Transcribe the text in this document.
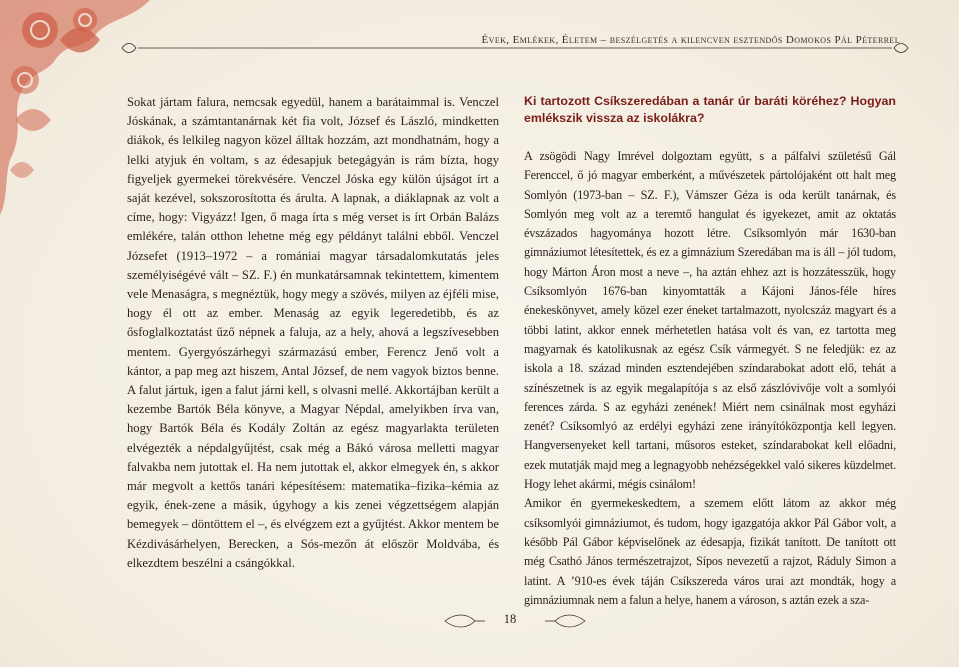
Évek, Emlékek, Életem – beszélgetés a kilencven esztendős Domokos Pál Péterrel

Sokat jártam falura, nemcsak egyedül, hanem a barátaimmal is. Venczel Jóskának, a számtantanárnak két fia volt, József és László, mindketten diákok, és lelkileg nagyon közel álltak hozzám, azt mondhatnám, hogy a lelki atyjuk én voltam, s az édesapjuk betegágyán is rám bízta, hogy figyeljek gyermekei törekvésére. Venczel Jóska egy külön újságot írt a saját kezével, sokszorosította és árulta. A lapnak, a diáklapnak az volt a címe, hogy: Vigyázz! Igen, ő maga írta s még verset is írt Orbán Balázs emlékére, talán otthon lehetne még egy példányt találni ebből. Venczel Józsefet (1913–1972 – a romániai magyar társadalomkutatás jeles személyiségévé vált – SZ. F.) én munkatársamnak tekintettem, kimentem vele Menaságra, s megnéztük, hogy megy a szövés, milyen az éjféli mise, hogy él ott az ember. Menaság az egyik legeredetibb, és az ősfoglalkoztatást űző népnek a faluja, az a hely, ahová a legszívesebben mentem. Gyergyószárhegyi származású ember, Ferencz Jenő volt a kántor, a pap meg azt hiszem, Antal József, de nem vagyok biztos benne. A falut jártuk, igen a falut járni kell, s olvasni mellé. Akkortájban került a kezembe Bartók Béla könyve, a Magyar Népdal, amelyikben írva van, hogy Bartók Béla és Kodály Zoltán az egész magyarlakta területen elvégezték a népdalgyűjtést, csak még a Bákó városa melletti magyar falvakba nem jutottak el. Ha nem jutottak el, akkor elmegyek én, s akkor már megvolt a kettős tanári képesítésem: matematika–fizika–kémia az egyik, ének-zene a másik, úgyhogy a kis zenei végzettségem alapján bemegyek – döntöttem el –, és elvégzem ezt a gyűjtést. Akkor mentem be Kézdivásárhelyen, Berecken, a Sós-mezőn át először Moldvába, és elkezdtem beszélni a csángókkal.

Ki tartozott Csíkszeredában a tanár úr baráti köréhez? Hogyan emlékszik vissza az iskolákra?

A zsögödi Nagy Imrével dolgoztam együtt, s a pálfalvi születésű Gál Ferenccel, ő jó magyar emberként, a művészetek pártolójaként ott halt meg Somlyón (1973-ban – SZ. F.), Vámszer Géza is oda került tanárnak, és Somlyón meg volt az a teremtő hangulat és igyekezet, amit az oktatás évszázados hagyománya hozott létre. Csíksomlyón már 1630-ban gimnáziumot létesítettek, és ez a gimnázium Szeredában ma is áll – jól tudom, hogy Márton Áron most a neve –, ha aztán ehhez azt is hozzátesszük, hogy Csíksomlyón 1676-ban kinyomtatták a Kájoni János-féle híres énekeskönyvet, amely közel ezer éneket tartalmazott, nyolcszáz magyart és a többi latint, akkor ennek mérhetetlen hatása volt és van, ez tartotta meg magyarnak és katolikusnak az egész Csík vármegyét. S ne feledjük: ez az iskola a 18. század minden esztendejében színdarabokat adott elő, tehát a színészetnek is az egyik megalapítója s az első zászlóvivője volt a somlyói ferences zárda. S az egyházi zenének! Miért nem csinálnak most egyházi zenét? Csíksomlyó az erdélyi egyházi zene irányítóközpontja kell legyen. Hangversenyeket kell tartani, műsoros esteket, színdarabokat kell előadni, ezek mutatják majd meg a legnagyobb nehézségekkel való sikeres küzdelmet. Hogy lehet akármi, mégis csinálom!

Amikor én gyermekeskedtem, a szemem előtt látom az akkor még csíksomlyói gimnáziumot, és tudom, hogy igazgatója akkor Pál Gábor volt, a később Pál Gábor képviselőnek az édesapja, fizikát tanított. De tanított ott még Csathó János természetrajzot, Sípos nevezetű a rajzot, Ráduly Simon a latint. A ’910-es évek táján Csíkszereda város urai azt mondták, hogy a gimnáziumnak nem a falun a helye, hanem a városon, s aztán ezek a sza-

18
